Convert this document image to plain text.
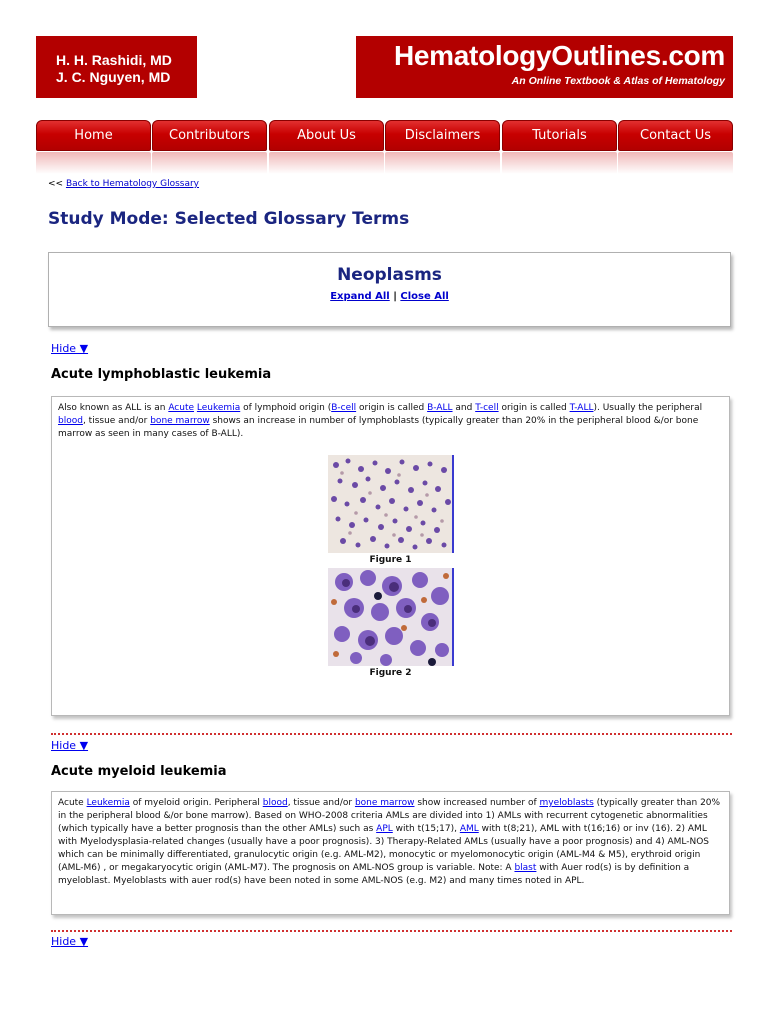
H. H. Rashidi, MD
J. C. Nguyen, MD
HematologyOutlines.com
An Online Textbook & Atlas of Hematology
Home	Contributors	About Us	Disclaimers	Tutorials	Contact Us
<< Back to Hematology Glossary
Study Mode: Selected Glossary Terms
Neoplasms
Expand All | Close All
Hide ▼
Acute lymphoblastic leukemia
Also known as ALL is an Acute Leukemia of lymphoid origin (B-cell origin is called B-ALL and T-cell origin is called T-ALL). Usually the peripheral blood, tissue and/or bone marrow shows an increase in number of lymphoblasts (typically greater than 20% in the peripheral blood &/or bone marrow as seen in many cases of B-ALL).
Figure 1
Figure 2
Hide ▼
Acute myeloid leukemia
Acute Leukemia of myeloid origin. Peripheral blood, tissue and/or bone marrow show increased number of myeloblasts (typically greater than 20% in the peripheral blood &/or bone marrow). Based on WHO-2008 criteria AMLs are divided into 1) AMLs with recurrent cytogenetic abnormalities (which typically have a better prognosis than the other AMLs) such as APL with t(15;17), AML with t(8;21), AML with t(16;16) or inv (16). 2) AML with Myelodysplasia-related changes (usually have a poor prognosis). 3) Therapy-Related AMLs (usually have a poor prognosis) and 4) AML-NOS which can be minimally differentiated, granulocytic origin (e.g. AML-M2), monocytic or myelomonocytic origin (AML-M4 & M5), erythroid origin (AML-M6) , or megakaryocytic origin (AML-M7). The prognosis on AML-NOS group is variable. Note: A blast with Auer rod(s) is by definition a myeloblast. Myeloblasts with auer rod(s) have been noted in some AML-NOS (e.g. M2) and many times noted in APL.
Hide ▼
